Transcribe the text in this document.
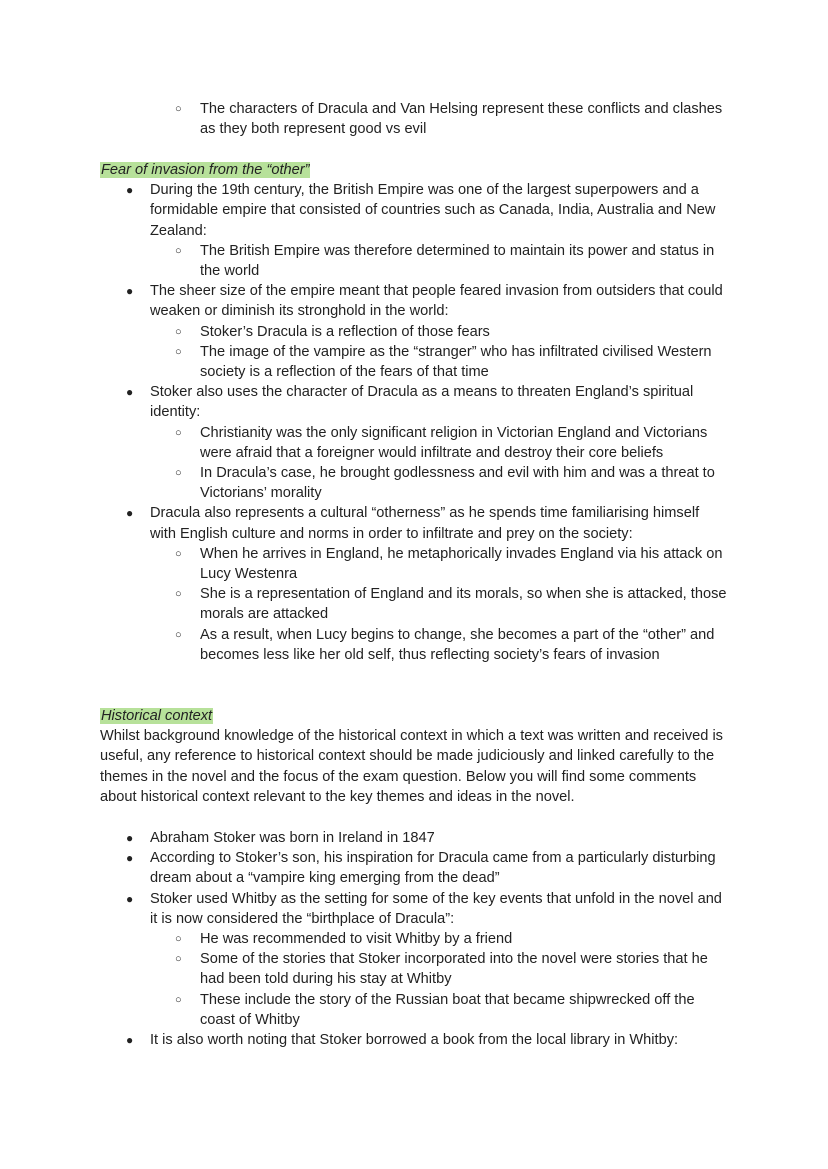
○ The characters of Dracula and Van Helsing represent these conflicts and clashes as they both represent good vs evil
Fear of invasion from the “other”
● During the 19th century, the British Empire was one of the largest superpowers and a formidable empire that consisted of countries such as Canada, India, Australia and New Zealand:
○ The British Empire was therefore determined to maintain its power and status in the world
● The sheer size of the empire meant that people feared invasion from outsiders that could weaken or diminish its stronghold in the world:
○ Stoker’s Dracula is a reflection of those fears
○ The image of the vampire as the “stranger” who has infiltrated civilised Western society is a reflection of the fears of that time
● Stoker also uses the character of Dracula as a means to threaten England’s spiritual identity:
○ Christianity was the only significant religion in Victorian England and Victorians were afraid that a foreigner would infiltrate and destroy their core beliefs
○ In Dracula’s case, he brought godlessness and evil with him and was a threat to Victorians’ morality
● Dracula also represents a cultural “otherness” as he spends time familiarising himself with English culture and norms in order to infiltrate and prey on the society:
○ When he arrives in England, he metaphorically invades England via his attack on Lucy Westenra
○ She is a representation of England and its morals, so when she is attacked, those morals are attacked
○ As a result, when Lucy begins to change, she becomes a part of the “other” and becomes less like her old self, thus reflecting society’s fears of invasion
Historical context
Whilst background knowledge of the historical context in which a text was written and received is useful, any reference to historical context should be made judiciously and linked carefully to the themes in the novel and the focus of the exam question. Below you will find some comments about historical context relevant to the key themes and ideas in the novel.
● Abraham Stoker was born in Ireland in 1847
● According to Stoker’s son, his inspiration for Dracula came from a particularly disturbing dream about a “vampire king emerging from the dead”
● Stoker used Whitby as the setting for some of the key events that unfold in the novel and it is now considered the “birthplace of Dracula”:
○ He was recommended to visit Whitby by a friend
○ Some of the stories that Stoker incorporated into the novel were stories that he had been told during his stay at Whitby
○ These include the story of the Russian boat that became shipwrecked off the coast of Whitby
● It is also worth noting that Stoker borrowed a book from the local library in Whitby:
